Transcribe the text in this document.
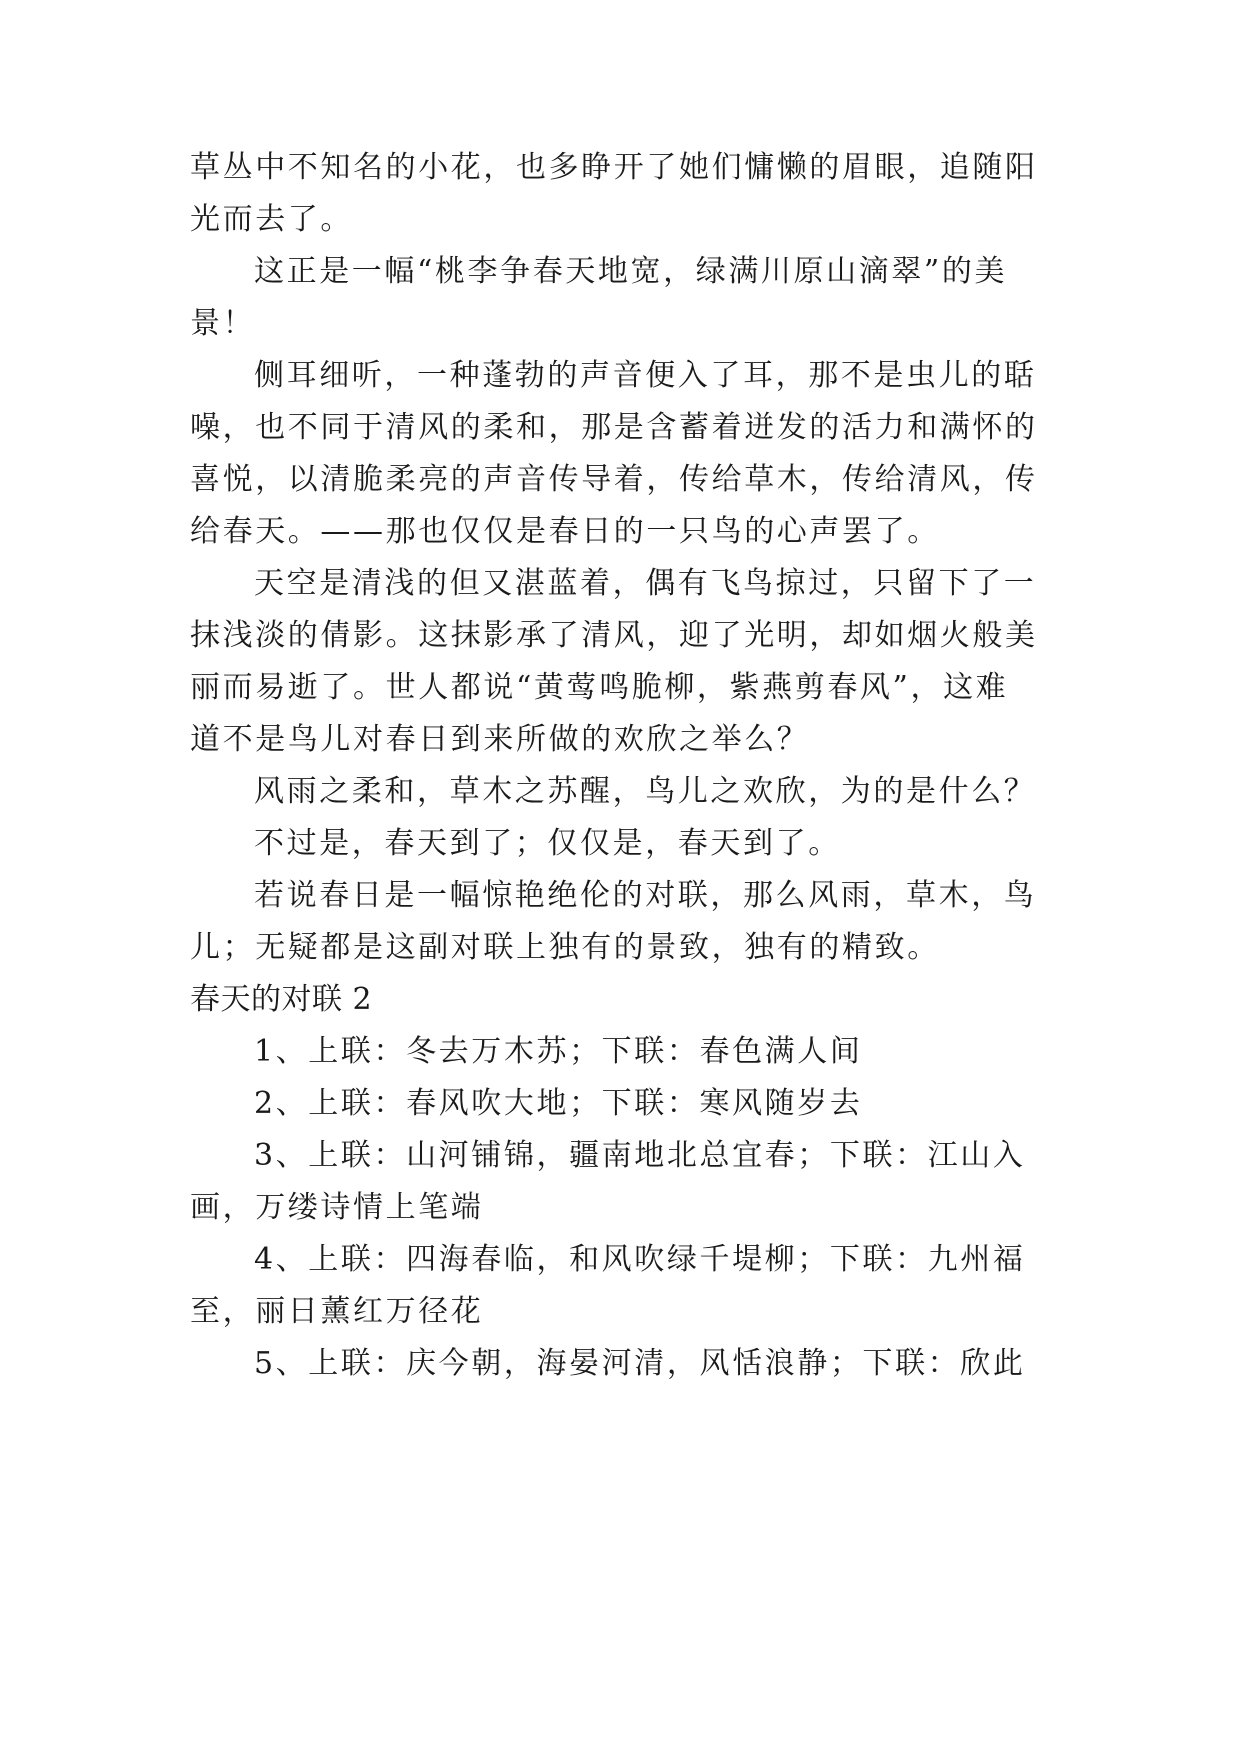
草丛中不知名的小花，也多睁开了她们慵懒的眉眼，追随阳
光而去了。
这正是一幅“桃李争春天地宽，绿满川原山滴翠”的美
景！
侧耳细听，一种蓬勃的声音便入了耳，那不是虫儿的聒
噪，也不同于清风的柔和，那是含蓄着迸发的活力和满怀的
喜悦，以清脆柔亮的声音传导着，传给草木，传给清风，传
给春天。——那也仅仅是春日的一只鸟的心声罢了。
天空是清浅的但又湛蓝着，偶有飞鸟掠过，只留下了一
抹浅淡的倩影。这抹影承了清风，迎了光明，却如烟火般美
丽而易逝了。世人都说“黄莺鸣脆柳，紫燕剪春风”，这难
道不是鸟儿对春日到来所做的欢欣之举么？
风雨之柔和，草木之苏醒，鸟儿之欢欣，为的是什么？
不过是，春天到了；仅仅是，春天到了。
若说春日是一幅惊艳绝伦的对联，那么风雨，草木，鸟
儿；无疑都是这副对联上独有的景致，独有的精致。
春天的对联 2
1、上联：冬去万木苏；下联：春色满人间
2、上联：春风吹大地；下联：寒风随岁去
3、上联：山河铺锦，疆南地北总宜春；下联：江山入
画，万缕诗情上笔端
4、上联：四海春临，和风吹绿千堤柳；下联：九州福
至，丽日薰红万径花
5、上联：庆今朝，海晏河清，风恬浪静；下联：欣此
